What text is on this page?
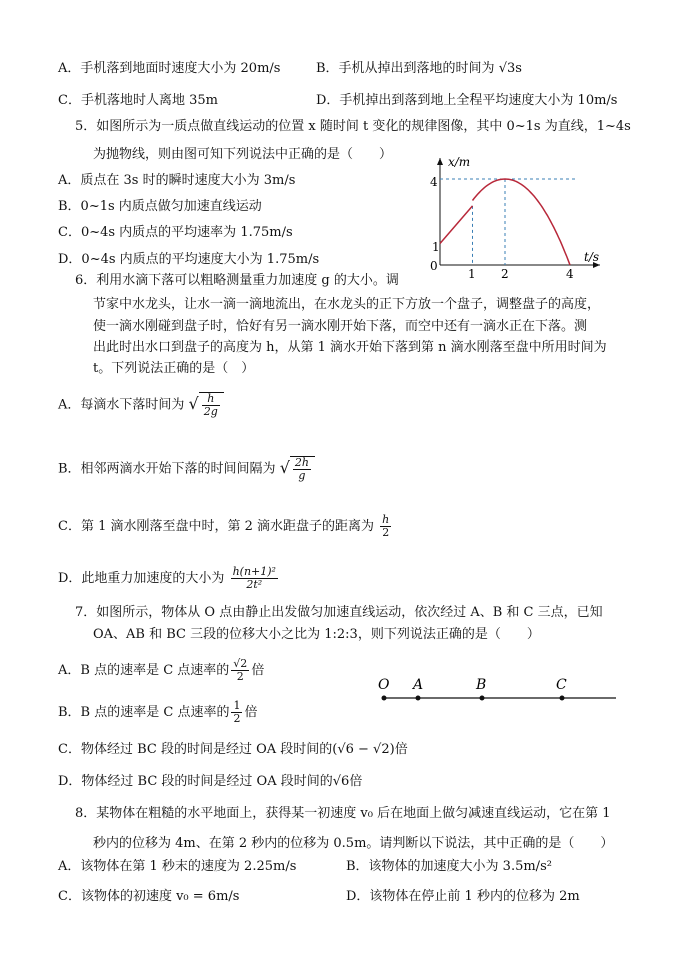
A．手机落到地面时速度大小为 20m/s	B．手机从掉出到落地的时间为 √3s
C．手机落地时人离地 35m	D．手机掉出到落到地上全程平均速度大小为 10m/s
5．如图所示为一质点做直线运动的位置 x 随时间 t 变化的规律图像，其中 0~1s 为直线，1~4s
为抛物线，则由图可知下列说法中正确的是（　　）
A．质点在 3s 时的瞬时速度大小为 3m/s
B．0~1s 内质点做匀加速直线运动
C．0~4s 内质点的平均速率为 1.75m/s
D．0~4s 内质点的平均速度大小为 1.75m/s
x/m
t/s
0
1
4
1 2	4
6．利用水滴下落可以粗略测量重力加速度 g 的大小。调
节家中水龙头，让水一滴一滴地流出，在水龙头的正下方放一个盘子，调整盘子的高度，
使一滴水刚碰到盘子时，恰好有另一滴水刚开始下落，而空中还有一滴水正在下落。测
出此时出水口到盘子的高度为 h，从第 1 滴水开始下落到第 n 滴水刚落至盘中所用时间为
t。下列说法正确的是（　）
A．每滴水下落时间为 √ $\frac{h}{2g}$
B．相邻两滴水开始下落的时间间隔为 √ $\frac{2h}{g}$
C．第 1 滴水刚落至盘中时，第 2 滴水距盘子的距离为 $\frac{h}{2}$
D．此地重力加速度的大小为 $\frac{\text{h(n+1)²}}{\text{2t²}}$
7．如图所示，物体从 O 点由静止出发做匀加速直线运动，依次经过 A、B 和 C 三点，已知
OA、AB 和 BC 三段的位移大小之比为 1:2:3，则下列说法正确的是（　　）
A．B 点的速率是 C 点速率的 $\frac{√2}{2}$ 倍
B．B 点的速率是 C 点速率的 $\frac{1}{2}$ 倍
C．物体经过 BC 段的时间是经过 OA 段时间的(√6 − √2)倍
D．物体经过 BC 段的时间是经过 OA 段时间的√6倍
O A	B	C
8．某物体在粗糙的水平地面上，获得某一初速度 v₀ 后在地面上做匀减速直线运动，它在第 1
秒内的位移为 4m、在第 2 秒内的位移为 0.5m。请判断以下说法，其中正确的是（　　）
A．该物体在第 1 秒末的速度为 2.25m/s	B．该物体的加速度大小为 3.5m/s²
C．该物体的初速度 v₀ = 6m/s	D．该物体在停止前 1 秒内的位移为 2m
